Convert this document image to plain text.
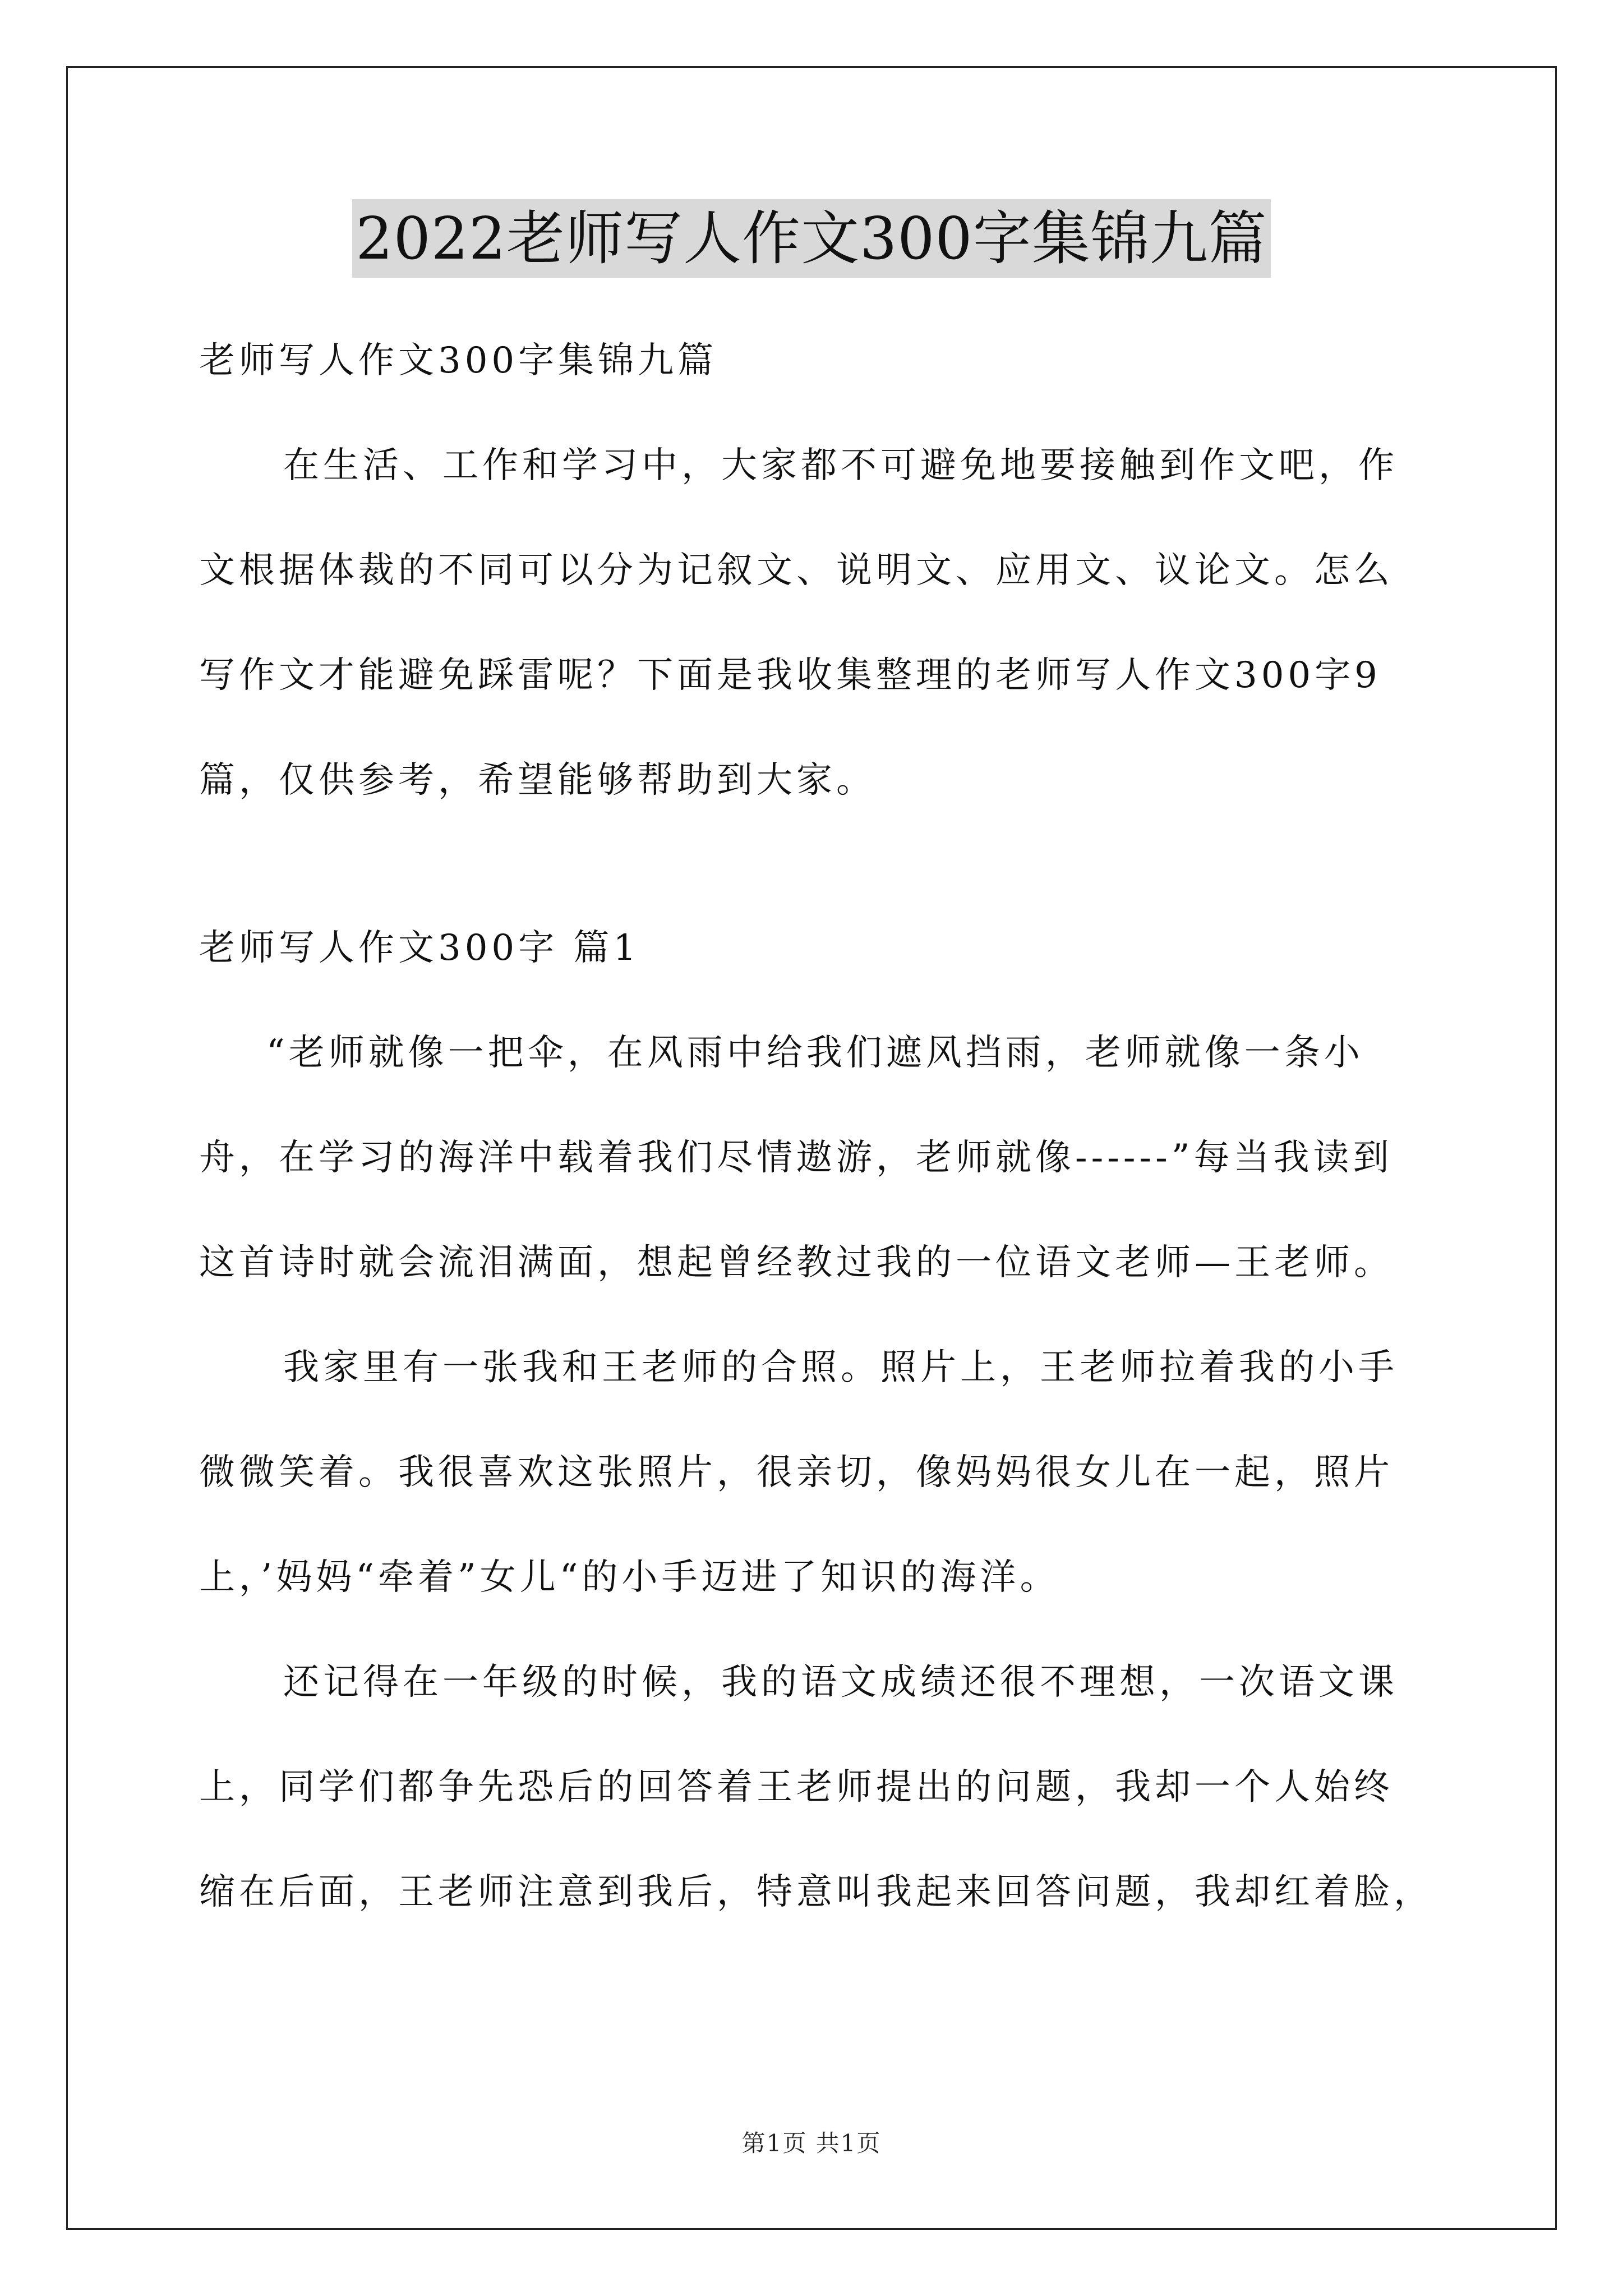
2022老师写人作文300字集锦九篇
老师写人作文300字集锦九篇
在生活、工作和学习中，大家都不可避免地要接触到作文吧，作
文根据体裁的不同可以分为记叙文、说明文、应用文、议论文。怎么
写作文才能避免踩雷呢？下面是我收集整理的老师写人作文300字9
篇，仅供参考，希望能够帮助到大家。
老师写人作文300字 篇1
“老师就像一把伞，在风雨中给我们遮风挡雨，老师就像一条小
舟，在学习的海洋中载着我们尽情遨游，老师就像------”每当我读到
这首诗时就会流泪满面，想起曾经教过我的一位语文老师—王老师。
我家里有一张我和王老师的合照。照片上，王老师拉着我的小手
微微笑着。我很喜欢这张照片，很亲切，像妈妈很女儿在一起，照片
上，’妈妈“牵着”女儿“的小手迈进了知识的海洋。
还记得在一年级的时候，我的语文成绩还很不理想，一次语文课
上，同学们都争先恐后的回答着王老师提出的问题，我却一个人始终
缩在后面，王老师注意到我后，特意叫我起来回答问题，我却红着脸，
第1页 共1页
